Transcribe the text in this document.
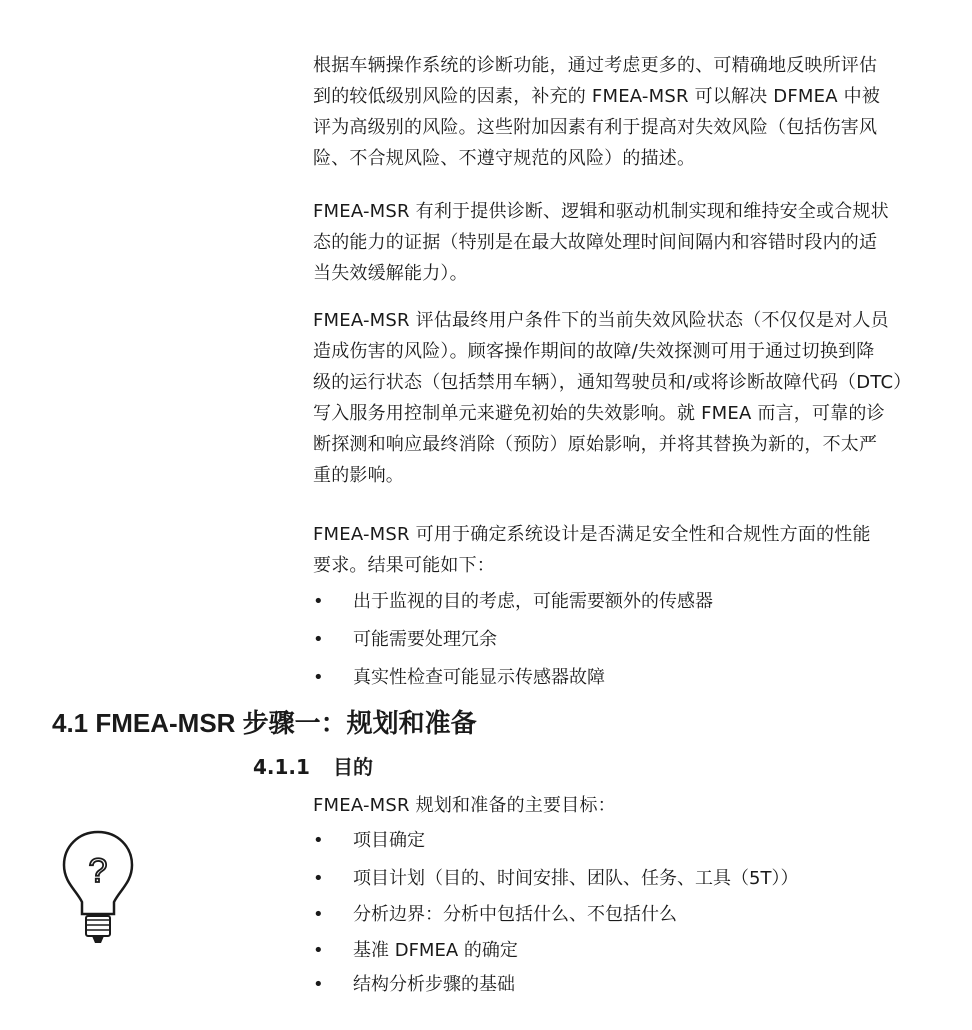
根据车辆操作系统的诊断功能，通过考虑更多的、可精确地反映所评估

到的较低级别风险的因素，补充的 FMEA-MSR 可以解决 DFMEA 中被

评为高级别的风险。这些附加因素有利于提高对失效风险（包括伤害风

险、不合规风险、不遵守规范的风险）的描述。

FMEA-MSR 有利于提供诊断、逻辑和驱动机制实现和维持安全或合规状

态的能力的证据（特别是在最大故障处理时间间隔内和容错时段内的适

当失效缓解能力）。

FMEA-MSR 评估最终用户条件下的当前失效风险状态（不仅仅是对人员

造成伤害的风险）。顾客操作期间的故障/失效探测可用于通过切换到降

级的运行状态（包括禁用车辆），通知驾驶员和/或将诊断故障代码（DTC）

写入服务用控制单元来避免初始的失效影响。就 FMEA 而言，可靠的诊

断探测和响应最终消除（预防）原始影响，并将其替换为新的，不太严

重的影响。

FMEA-MSR 可用于确定系统设计是否满足安全性和合规性方面的性能

要求。结果可能如下：

• 出于监视的目的考虑，可能需要额外的传感器
• 可能需要处理冗余
• 真实性检查可能显示传感器故障
4.1 FMEA-MSR 步骤一：规划和准备
4.1.1 目的

FMEA-MSR 规划和准备的主要目标：

• 项目确定
• 项目计划（目的、时间安排、团队、任务、工具（5T））
• 分析边界：分析中包括什么、不包括什么
• 基准 DFMEA 的确定
• 结构分析步骤的基础
?
